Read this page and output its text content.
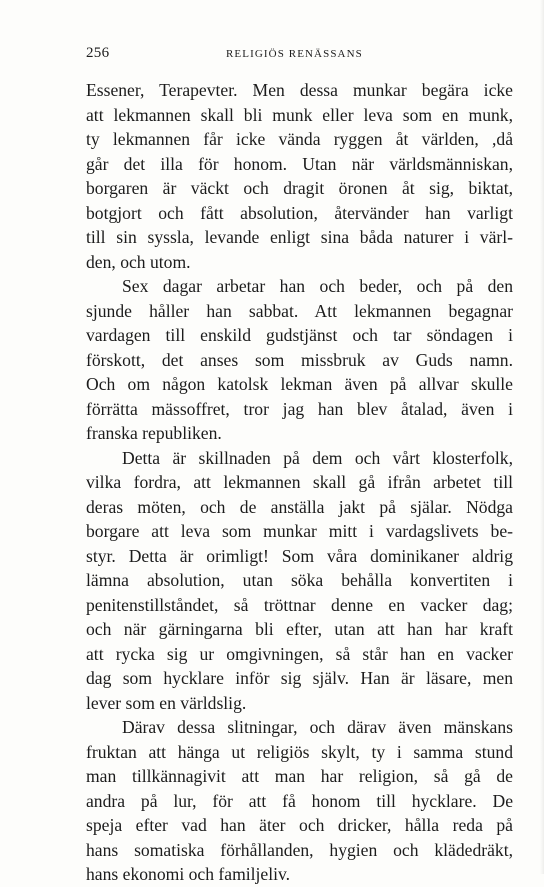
256	RELIGIÖS RENÄSSANS
Essener, Terapevter. Men dessa munkar begära icke
att lekmannen skall bli munk eller leva som en munk,
ty lekmannen får icke vända ryggen åt världen, ,då
går det illa för honom. Utan när världsmänniskan,
borgaren är väckt och dragit öronen åt sig, biktat,
botgjort och fått absolution, återvänder han varligt
till sin syssla, levande enligt sina båda naturer i värl-
den, och utom.
Sex dagar arbetar han och beder, och på den
sjunde håller han sabbat. Att lekmannen begagnar
vardagen till enskild gudstjänst och tar söndagen i
förskott, det anses som missbruk av Guds namn.
Och om någon katolsk lekman även på allvar skulle
förrätta mässoffret, tror jag han blev åtalad, även i
franska republiken.
Detta är skillnaden på dem och vårt klosterfolk,
vilka fordra, att lekmannen skall gå ifrån arbetet till
deras möten, och de anställa jakt på själar. Nödga
borgare att leva som munkar mitt i vardagslivets be-
styr. Detta är orimligt! Som våra dominikaner aldrig
lämna absolution, utan söka behålla konvertiten i
penitenstillståndet, så tröttnar denne en vacker dag;
och när gärningarna bli efter, utan att han har kraft
att rycka sig ur omgivningen, så står han en vacker
dag som hycklare inför sig själv. Han är läsare, men
lever som en världslig.
Därav dessa slitningar, och därav även mänskans
fruktan att hänga ut religiös skylt, ty i samma stund
man tillkännagivit att man har religion, så gå de
andra på lur, för att få honom till hycklare. De
speja efter vad han äter och dricker, hålla reda på
hans somatiska förhållanden, hygien och klädedräkt,
hans ekonomi och familjeliv.
